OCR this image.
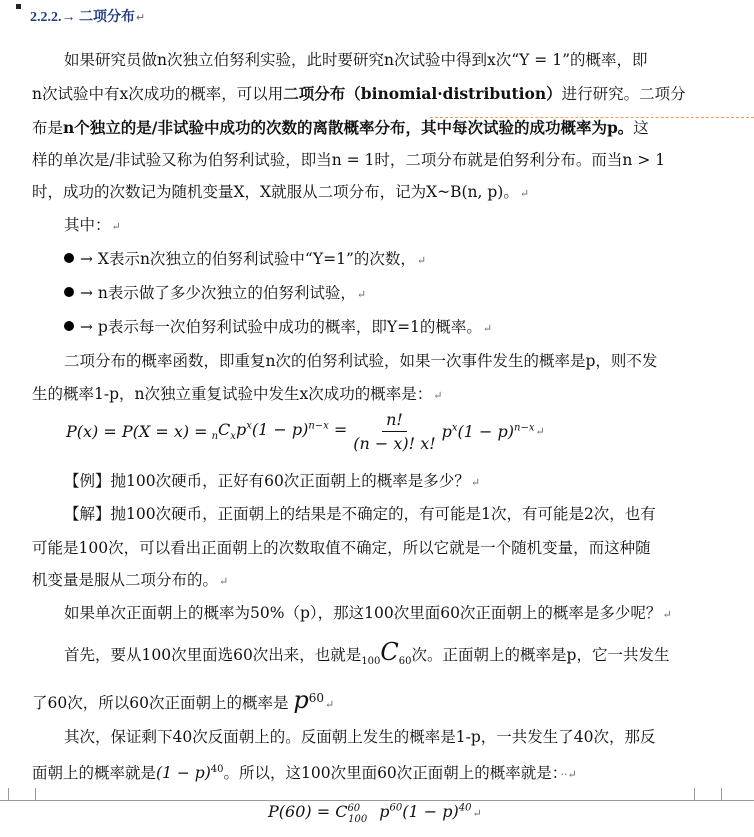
2.2.2.→ 二项分布↵
如果研究员做n次独立伯努利实验，此时要研究n次试验中得到x次“Y = 1”的概率，即
n次试验中有x次成功的概率，可以用二项分布（binomial·distribution）进行研究。二项分
布是n个独立的是/非试验中成功的次数的离散概率分布，其中每次试验的成功概率为p。这
样的单次是/非试验又称为伯努利试验，即当n = 1时，二项分布就是伯努利分布。而当n > 1
时，成功的次数记为随机变量X，X就服从二项分布，记为X~B(n, p)。↵
其中：↵
→ X表示n次独立的伯努利试验中“Y=1”的次数，↵
→ n表示做了多少次独立的伯努利试验，↵
→ p表示每一次伯努利试验中成功的概率，即Y=1的概率。↵
二项分布的概率函数，即重复n次的伯努利试验，如果一次事件发生的概率是p，则不发
生的概率1-p，n次独立重复试验中发生x次成功的概率是：↵
$P(x) = P(X = x) = _nC_xp^x(1 - p)^{n-x} = \frac{n!}{(n - x)! x!} p^x(1 - p)^{n-x}$ ↵
【例】抛100次硬币，正好有60次正面朝上的概率是多少？↵
【解】抛100次硬币，正面朝上的结果是不确定的，有可能是1次，有可能是2次，也有
可能是100次，可以看出正面朝上的次数取值不确定，所以它就是一个随机变量，而这种随
机变量是服从二项分布的。↵
如果单次正面朝上的概率为50%（p），那这100次里面60次正面朝上的概率是多少呢？↵
首先，要从100次里面选60次出来，也就是$_{100}C_{60}$次。正面朝上的概率是p，它一共发生
了60次，所以60次正面朝上的概率是 $p^{60}↵$
其次，保证剩下40次反面朝上的。反面朝上发生的概率是1-p，一共发生了40次，那反
面朝上的概率就是$(1 - p)^{40}$。所以，这100次里面60次正面朝上的概率就是：··↵
$P(60) = C^{60}_{100}$ $p^{60}(1$ − $p)^{40}↵$
